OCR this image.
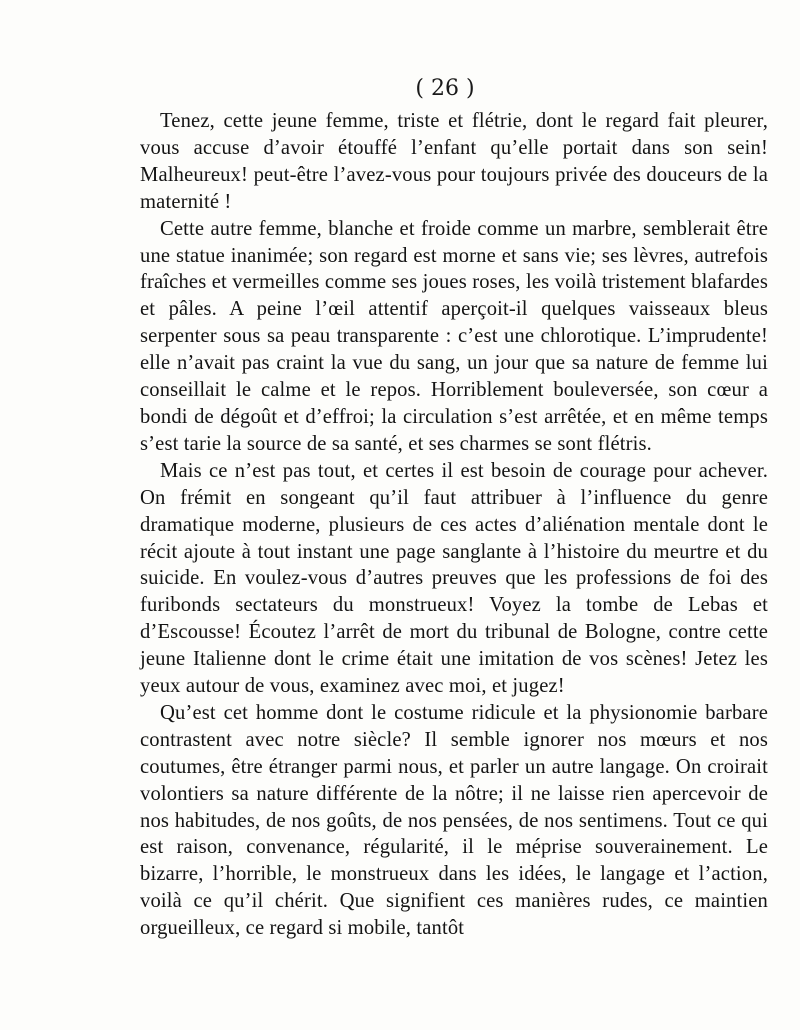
( 26 )

Tenez, cette jeune femme, triste et flétrie, dont le regard fait pleurer, vous accuse d’avoir étouffé l’enfant qu’elle portait dans son sein! Malheureux! peut-être l’avez-vous pour toujours privée des douceurs de la maternité !

Cette autre femme, blanche et froide comme un marbre, semblerait être une statue inanimée; son regard est morne et sans vie; ses lèvres, autrefois fraîches et vermeilles comme ses joues roses, les voilà tristement blafardes et pâles. A peine l’œil attentif aperçoit-il quelques vaisseaux bleus serpenter sous sa peau transparente : c’est une chlorotique. L’imprudente! elle n’avait pas craint la vue du sang, un jour que sa nature de femme lui conseillait le calme et le repos. Horriblement bouleversée, son cœur a bondi de dégoût et d’effroi; la circulation s’est arrêtée, et en même temps s’est tarie la source de sa santé, et ses charmes se sont flétris.

Mais ce n’est pas tout, et certes il est besoin de courage pour achever. On frémit en songeant qu’il faut attribuer à l’influence du genre dramatique moderne, plusieurs de ces actes d’aliénation mentale dont le récit ajoute à tout instant une page sanglante à l’histoire du meurtre et du suicide. En voulez-vous d’autres preuves que les professions de foi des furibonds sectateurs du monstrueux! Voyez la tombe de Lebas et d’Escousse! Écoutez l’arrêt de mort du tribunal de Bologne, contre cette jeune Italienne dont le crime était une imitation de vos scènes! Jetez les yeux autour de vous, examinez avec moi, et jugez!

Qu’est cet homme dont le costume ridicule et la physionomie barbare contrastent avec notre siècle? Il semble ignorer nos mœurs et nos coutumes, être étranger parmi nous, et parler un autre langage. On croirait volontiers sa nature différente de la nôtre; il ne laisse rien apercevoir de nos habitudes, de nos goûts, de nos pensées, de nos sentimens. Tout ce qui est raison, convenance, régularité, il le méprise souverainement. Le bizarre, l’horrible, le monstrueux dans les idées, le langage et l’action, voilà ce qu’il chérit. Que signifient ces manières rudes, ce maintien orgueilleux, ce regard si mobile, tantôt
